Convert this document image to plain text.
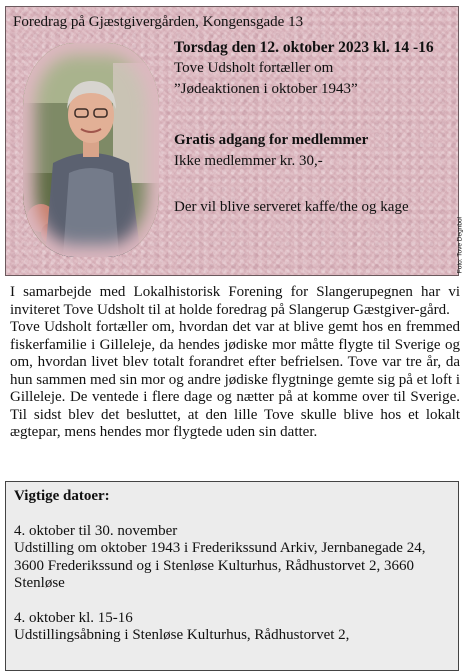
Foredrag på Gjæstgivergården, Kongensgade 13
Torsdag den 12. oktober 2023 kl. 14 -16
Tove Udsholt fortæller om
”Jødeaktionen i oktober 1943”
Gratis adgang for medlemmer
Ikke medlemmer kr. 30,-
Der vil blive serveret kaffe/the og kage
Foto: Tove Degnbol

I samarbejde med Lokalhistorisk Forening for Slangerupegnen har vi inviteret Tove Udsholt til at holde foredrag på Slangerup Gæstgiver-gård.

Tove Udsholt fortæller om, hvordan det var at blive gemt hos en fremmed fiskerfamilie i Gilleleje, da hendes jødiske mor måtte flygte til Sverige og om, hvordan livet blev totalt forandret efter befrielsen. Tove var tre år, da hun sammen med sin mor og andre jødiske flygtninge gemte sig på et loft i Gilleleje. De ventede i flere dage og nætter på at komme over til Sverige. Til sidst blev det besluttet, at den lille Tove skulle blive hos et lokalt ægtepar, mens hendes mor flygtede uden sin datter.

Vigtige datoer:
4. oktober til 30. november
Udstilling om oktober 1943 i Frederikssund Arkiv, Jernbanegade 24, 3600 Frederikssund og i Stenløse Kulturhus, Rådhustorvet 2, 3660 Stenløse
4. oktober kl. 15-16
Udstillingsåbning i Stenløse Kulturhus, Rådhustorvet 2,
